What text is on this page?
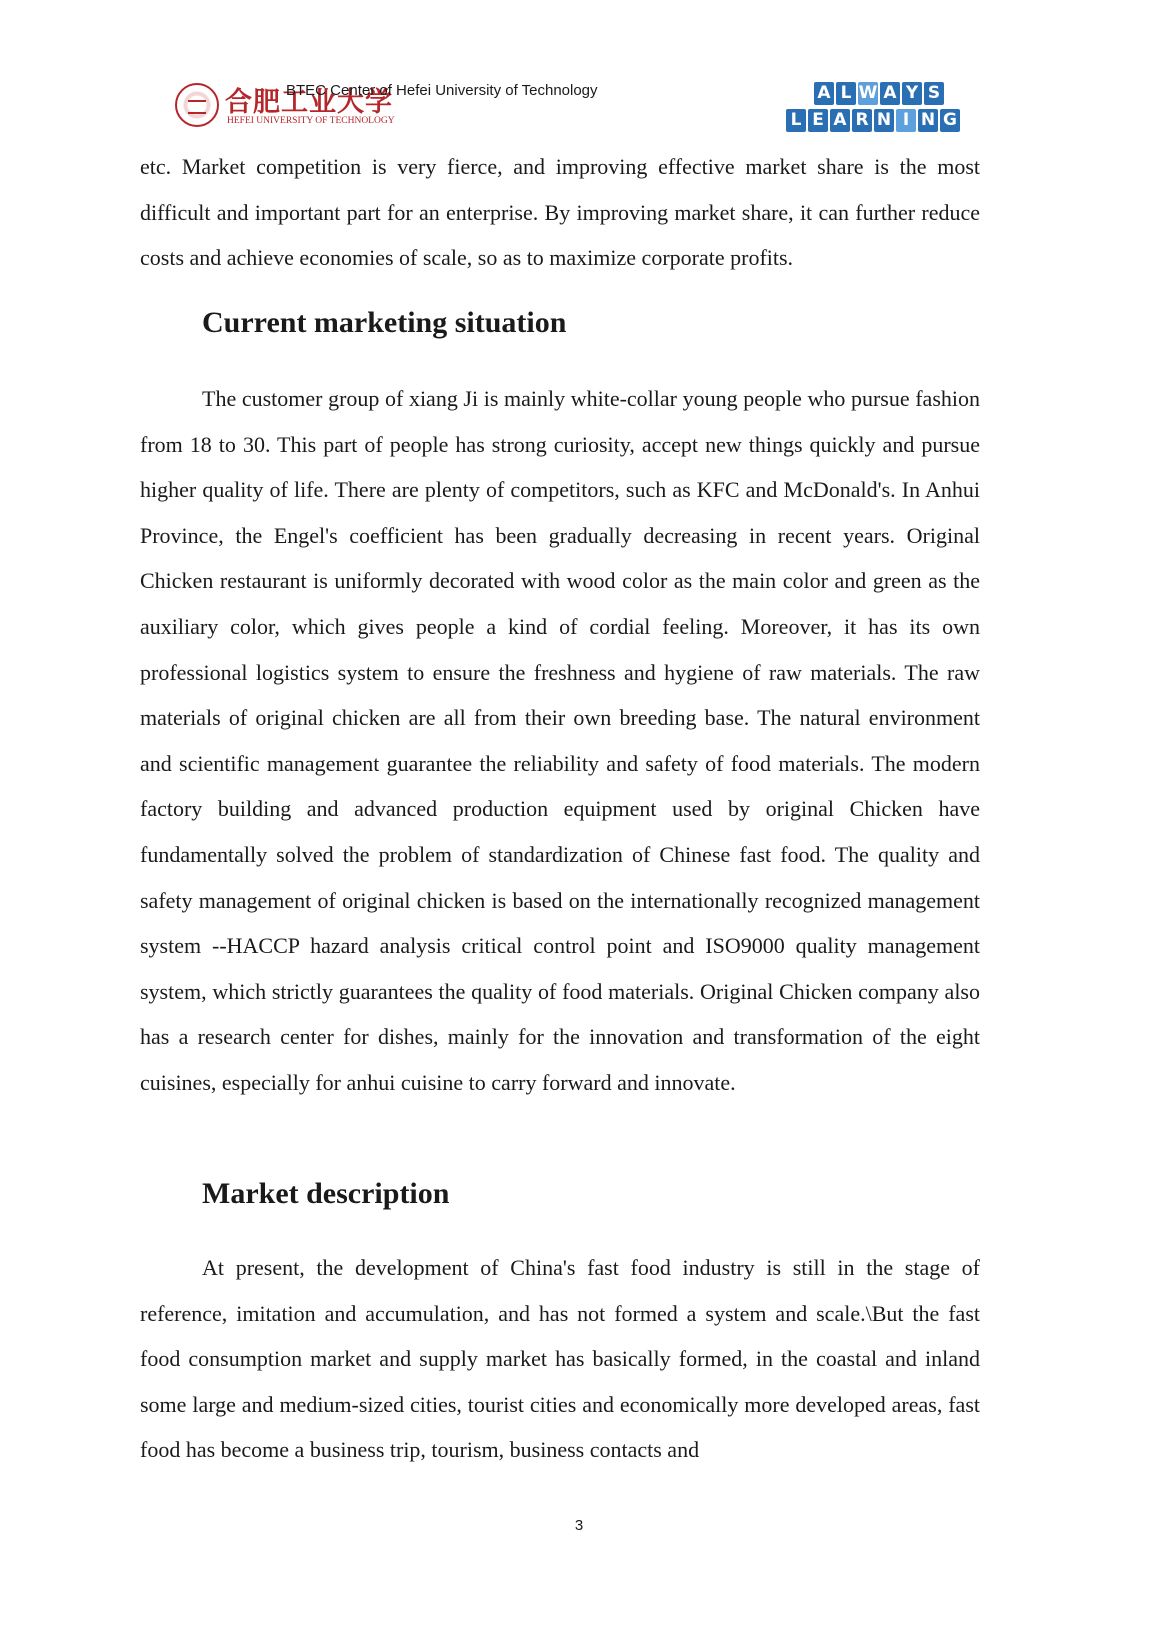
合肥工业大学
HEFEI UNIVERSITY OF TECHNOLOGY
BTEC Center of Hefei University of Technology	A L W A Y S
L E A R N I N G

etc. Market competition is very fierce, and improving effective market share is the most difficult and important part for an enterprise. By improving market share, it can further reduce costs and achieve economies of scale, so as to maximize corporate profits.

Current marketing situation

The customer group of xiang Ji is mainly white-collar young people who pursue fashion from 18 to 30. This part of people has strong curiosity, accept new things quickly and pursue higher quality of life. There are plenty of competitors, such as KFC and McDonald's. In Anhui Province, the Engel's coefficient has been gradually decreasing in recent years. Original Chicken restaurant is uniformly decorated with wood color as the main color and green as the auxiliary color, which gives people a kind of cordial feeling. Moreover, it has its own professional logistics system to ensure the freshness and hygiene of raw materials. The raw materials of original chicken are all from their own breeding base. The natural environment and scientific management guarantee the reliability and safety of food materials. The modern factory building and advanced production equipment used by original Chicken have fundamentally solved the problem of standardization of Chinese fast food. The quality and safety management of original chicken is based on the internationally recognized management system --HACCP hazard analysis critical control point and ISO9000 quality management system, which strictly guarantees the quality of food materials. Original Chicken company also has a research center for dishes, mainly for the innovation and transformation of the eight cuisines, especially for anhui cuisine to carry forward and innovate.

Market description

At present, the development of China's fast food industry is still in the stage of reference, imitation and accumulation, and has not formed a system and scale.\But the fast food consumption market and supply market has basically formed, in the coastal and inland some large and medium-sized cities, tourist cities and economically more developed areas, fast food has become a business trip, tourism, business contacts and

3
